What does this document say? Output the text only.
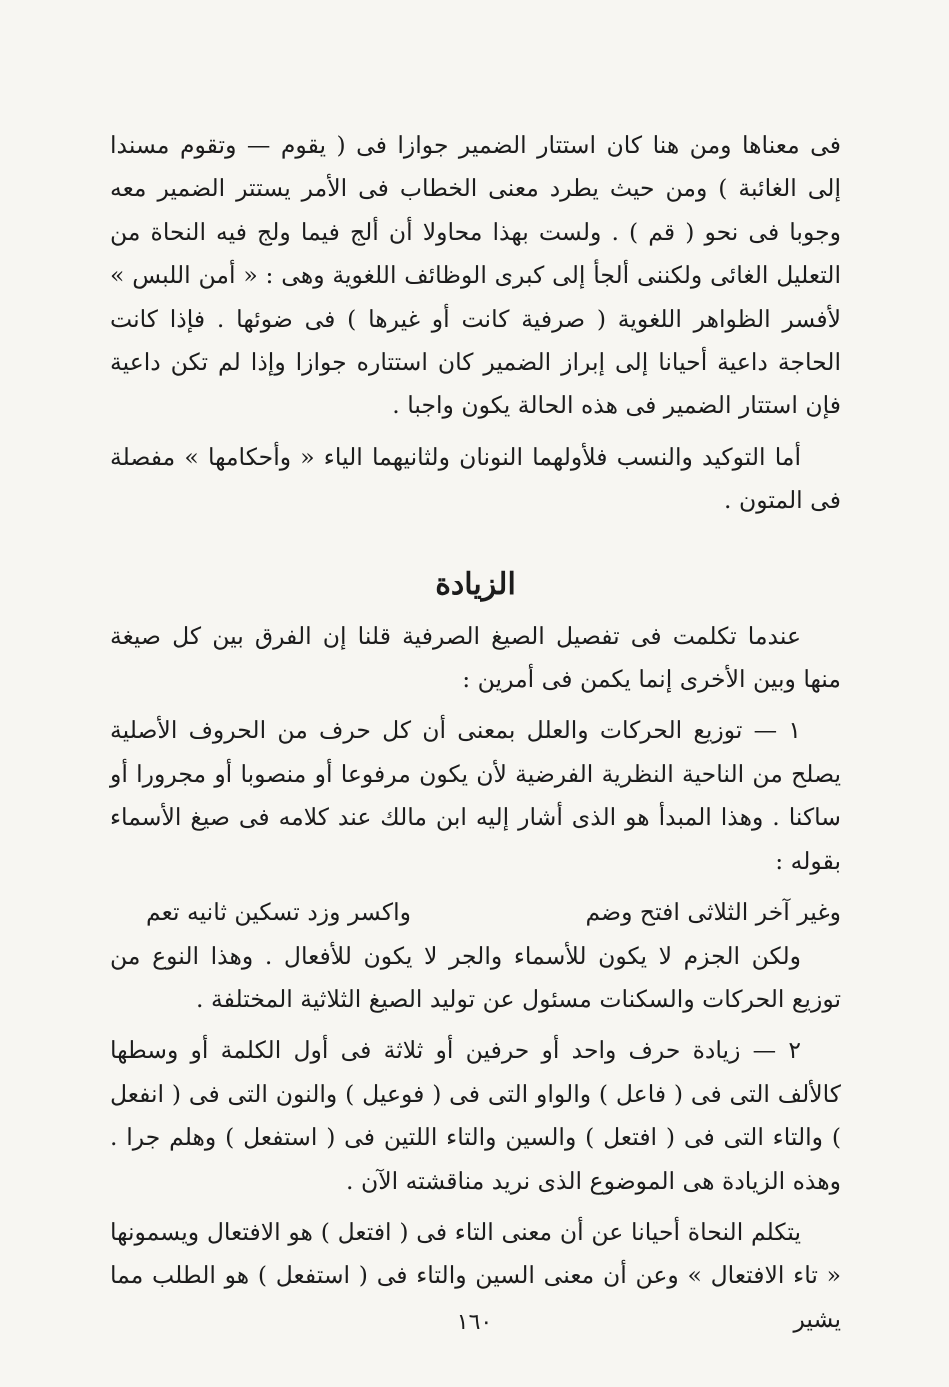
فى معناها ومن هنا كان استتار الضمير جوازا فى ( يقوم — وتقوم مسندا إلى الغائبة ) ومن حيث يطرد معنى الخطاب فى الأمر يستتر الضمير معه وجوبا فى نحو ( قم ) . ولست بهذا محاولا أن ألج فيما ولج فيه النحاة من التعليل الغائى ولكننى ألجأ إلى كبرى الوظائف اللغوية وهى : « أمن اللبس » لأفسر الظواهر اللغوية ( صرفية كانت أو غيرها ) فى ضوئها . فإذا كانت الحاجة داعية أحيانا إلى إبراز الضمير كان استتاره جوازا وإذا لم تكن داعية فإن استتار الضمير فى هذه الحالة يكون واجبا .

أما التوكيد والنسب فلأولهما النونان ولثانيهما الياء « وأحكامها » مفصلة فى المتون .

الزيادة

عندما تكلمت فى تفصيل الصيغ الصرفية قلنا إن الفرق بين كل صيغة منها وبين الأخرى إنما يكمن فى أمرين :

١ — توزيع الحركات والعلل بمعنى أن كل حرف من الحروف الأصلية يصلح من الناحية النظرية الفرضية لأن يكون مرفوعا أو منصوبا أو مجرورا أو ساكنا . وهذا المبدأ هو الذى أشار إليه ابن مالك عند كلامه فى صيغ الأسماء بقوله :

وغير آخر الثلاثى افتح وضم
واكسر وزد تسكين ثانيه تعم

ولكن الجزم لا يكون للأسماء والجر لا يكون للأفعال . وهذا النوع من توزيع الحركات والسكنات مسئول عن توليد الصيغ الثلاثية المختلفة .

٢ — زيادة حرف واحد أو حرفين أو ثلاثة فى أول الكلمة أو وسطها كالألف التى فى ( فاعل ) والواو التى فى ( فوعيل ) والنون التى فى ( انفعل ) والتاء التى فى ( افتعل ) والسين والتاء اللتين فى ( استفعل ) وهلم جرا . وهذه الزيادة هى الموضوع الذى نريد مناقشته الآن .

يتكلم النحاة أحيانا عن أن معنى التاء فى ( افتعل ) هو الافتعال ويسمونها « تاء الافتعال » وعن أن معنى السين والتاء فى ( استفعل ) هو الطلب مما يشير

١٦٠
